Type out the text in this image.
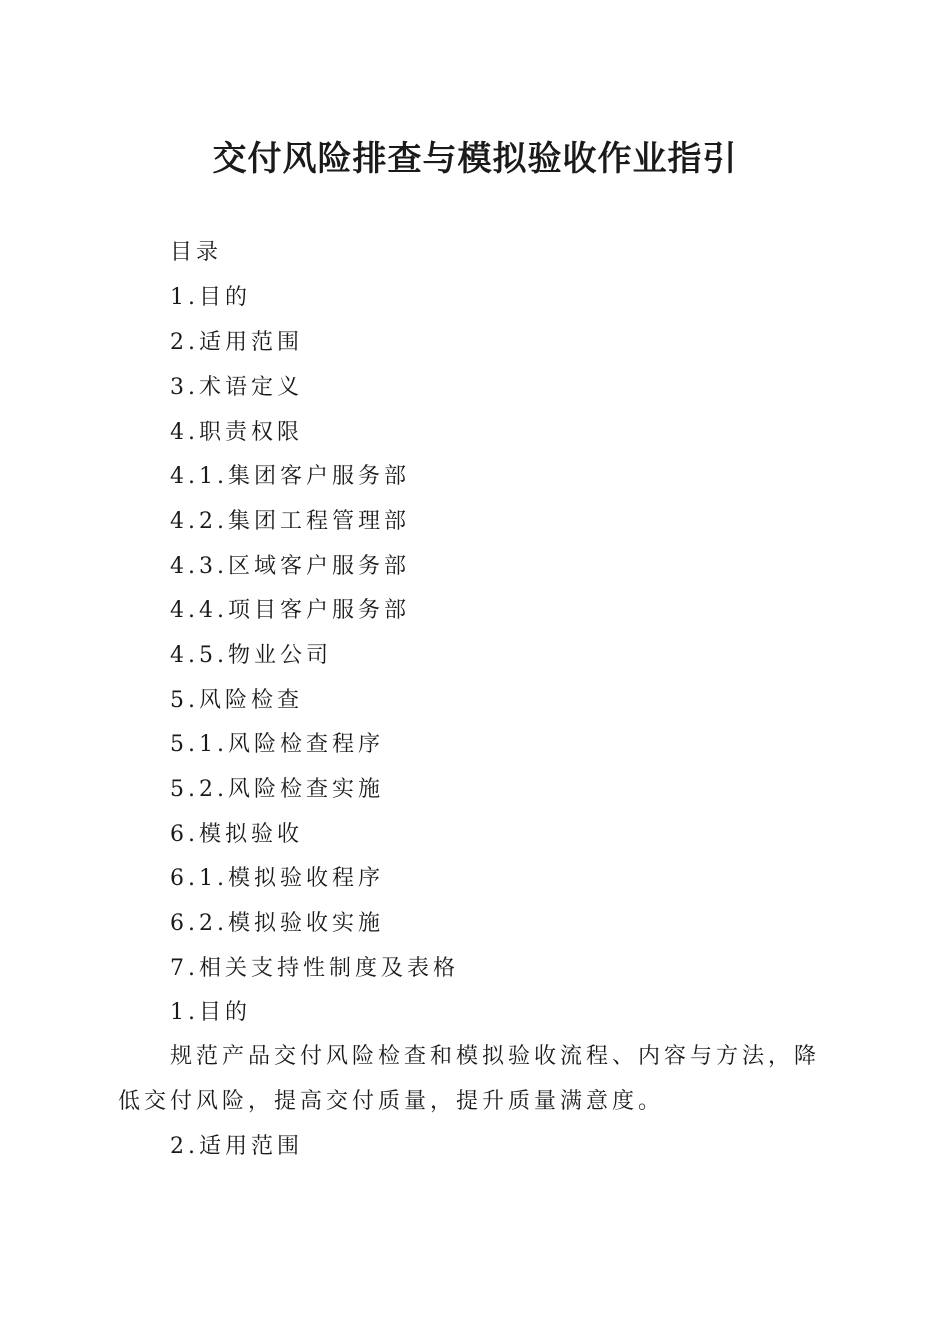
交付风险排查与模拟验收作业指引
目录
1.目的
2.适用范围
3.术语定义
4.职责权限
4.1.集团客户服务部
4.2.集团工程管理部
4.3.区域客户服务部
4.4.项目客户服务部
4.5.物业公司
5.风险检查
5.1.风险检查程序
5.2.风险检查实施
6.模拟验收
6.1.模拟验收程序
6.2.模拟验收实施
7.相关支持性制度及表格
1.目的

规范产品交付风险检查和模拟验收流程、内容与方法，降低交付风险，提高交付质量，提升质量满意度。

2.适用范围
